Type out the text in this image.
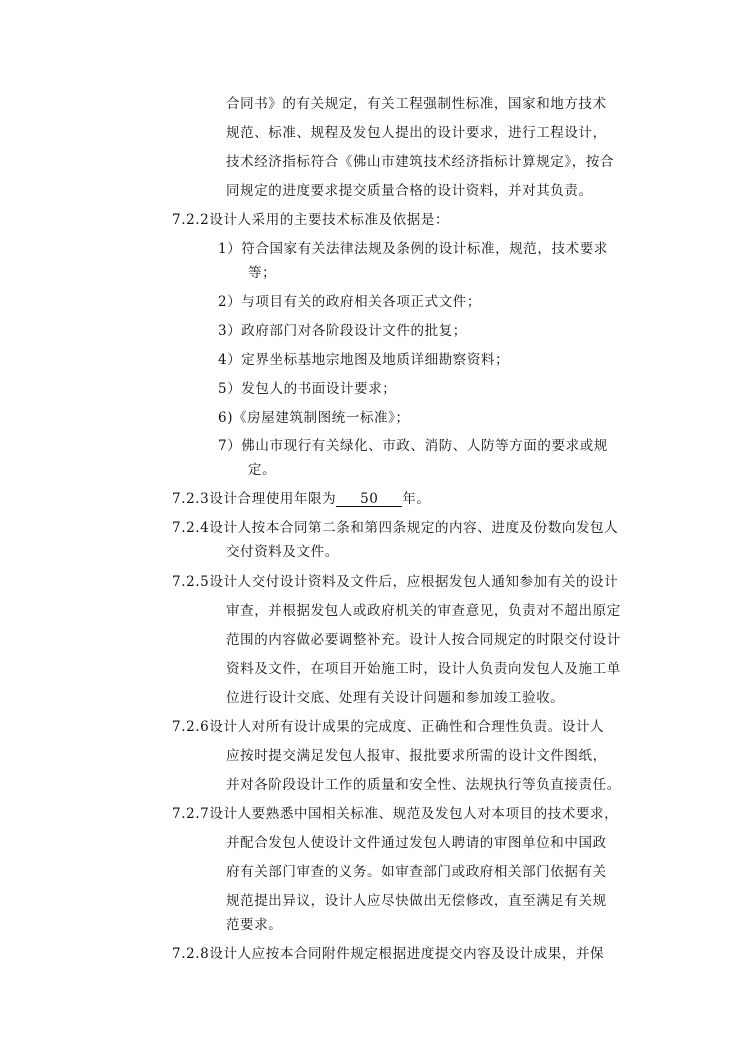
合同书》的有关规定，有关工程强制性标准，国家和地方技术
规范、标准、规程及发包人提出的设计要求，进行工程设计，
技术经济指标符合《佛山市建筑技术经济指标计算规定》，按合
同规定的进度要求提交质量合格的设计资料，并对其负责。
7.2.2设计人采用的主要技术标准及依据是：
1）符合国家有关法律法规及条例的设计标准，规范，技术要求
等；
2）与项目有关的政府相关各项正式文件；
3）政府部门对各阶段设计文件的批复；
4）定界坐标基地宗地图及地质详细勘察资料；
5）发包人的书面设计要求；
6)《房屋建筑制图统一标准》；
7）佛山市现行有关绿化、市政、消防、人防等方面的要求或规
定。
7.2.3设计合理使用年限为 50 年。
7.2.4设计人按本合同第二条和第四条规定的内容、进度及份数向发包人
交付资料及文件。
7.2.5设计人交付设计资料及文件后，应根据发包人通知参加有关的设计
审查，并根据发包人或政府机关的审查意见，负责对不超出原定
范围的内容做必要调整补充。设计人按合同规定的时限交付设计
资料及文件，在项目开始施工时，设计人负责向发包人及施工单
位进行设计交底、处理有关设计问题和参加竣工验收。
7.2.6设计人对所有设计成果的完成度、正确性和合理性负责。设计人
应按时提交满足发包人报审、报批要求所需的设计文件图纸，
并对各阶段设计工作的质量和安全性、法规执行等负直接责任。
7.2.7设计人要熟悉中国相关标准、规范及发包人对本项目的技术要求，
并配合发包人使设计文件通过发包人聘请的审图单位和中国政
府有关部门审查的义务。如审查部门或政府相关部门依据有关
规范提出异议，设计人应尽快做出无偿修改，直至满足有关规
范要求。
7.2.8设计人应按本合同附件规定根据进度提交内容及设计成果，并保
